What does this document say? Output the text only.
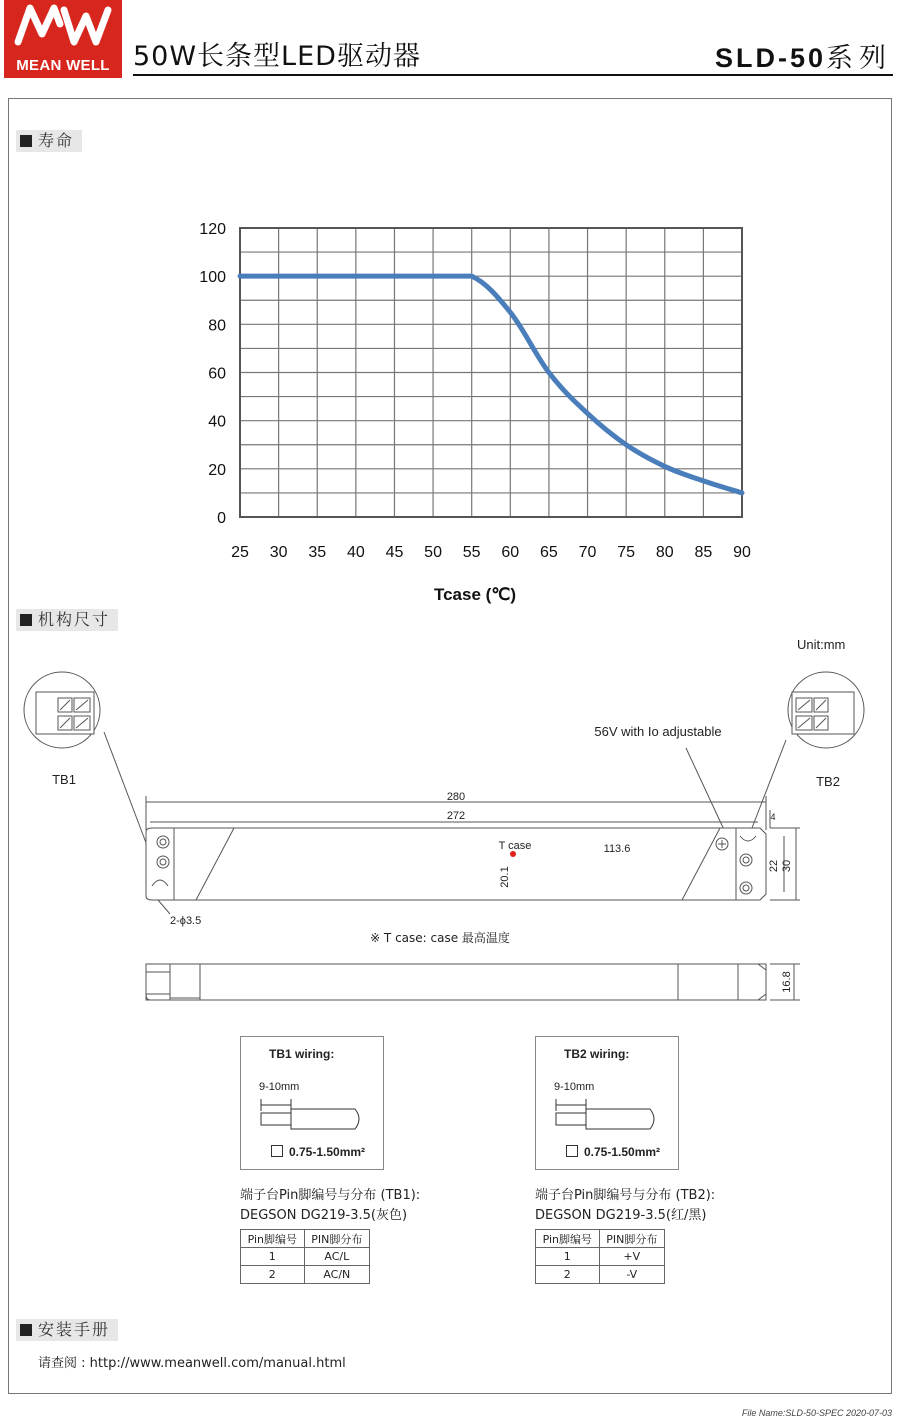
MEAN WELL 50W长条型LED驱动器	SLD-50系列
寿命
0
20
40
60
80
100
120
25 30 35 40 45 50 55 60 65 70 75 80 85 90
Tcase (℃)
机构尺寸
Unit:mm
TB1	TB2
56V with Io adjustable
280
272
113.6
T case
20.1
22 30
16.8
4
2-ϕ3.5
※ T case: case 最高温度
TB1 wiring:
9-10mm
0.75-1.50mm²
TB2 wiring:
9-10mm
0.75-1.50mm²
端子台Pin脚编号与分布 (TB1):
DEGSON DG219-3.5(灰色)
Pin脚编号	PIN脚分布
1	AC/L
2	AC/N
端子台Pin脚编号与分布 (TB2):
DEGSON DG219-3.5(红/黑)
Pin脚编号	PIN脚分布
1	+V
2	-V
安装手册
请查阅 : http://www.meanwell.com/manual.html
File Name:SLD-50-SPEC 2020-07-03
